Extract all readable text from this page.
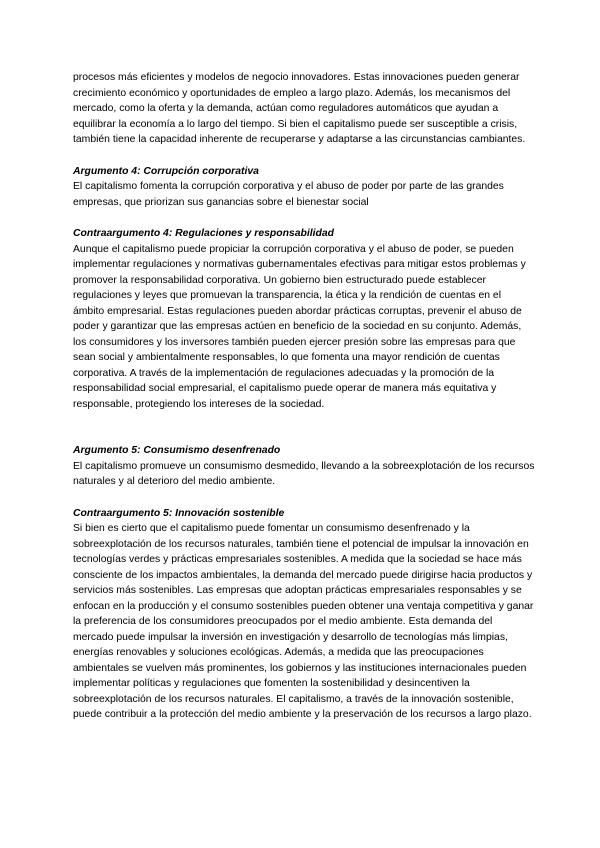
procesos más eficientes y modelos de negocio innovadores. Estas innovaciones pueden generar crecimiento económico y oportunidades de empleo a largo plazo. Además, los mecanismos del mercado, como la oferta y la demanda, actúan como reguladores automáticos que ayudan a equilibrar la economía a lo largo del tiempo. Si bien el capitalismo puede ser susceptible a crisis, también tiene la capacidad inherente de recuperarse y adaptarse a las circunstancias cambiantes.

Argumento 4: Corrupción corporativa

El capitalismo fomenta la corrupción corporativa y el abuso de poder por parte de las grandes empresas, que priorizan sus ganancias sobre el bienestar social

Contraargumento 4: Regulaciones y responsabilidad

Aunque el capitalismo puede propiciar la corrupción corporativa y el abuso de poder, se pueden implementar regulaciones y normativas gubernamentales efectivas para mitigar estos problemas y promover la responsabilidad corporativa. Un gobierno bien estructurado puede establecer regulaciones y leyes que promuevan la transparencia, la ética y la rendición de cuentas en el ámbito empresarial. Estas regulaciones pueden abordar prácticas corruptas, prevenir el abuso de poder y garantizar que las empresas actúen en beneficio de la sociedad en su conjunto. Además, los consumidores y los inversores también pueden ejercer presión sobre las empresas para que sean social y ambientalmente responsables, lo que fomenta una mayor rendición de cuentas corporativa. A través de la implementación de regulaciones adecuadas y la promoción de la responsabilidad social empresarial, el capitalismo puede operar de manera más equitativa y responsable, protegiendo los intereses de la sociedad.

Argumento 5: Consumismo desenfrenado

El capitalismo promueve un consumismo desmedido, llevando a la sobreexplotación de los recursos naturales y al deterioro del medio ambiente.

Contraargumento 5: Innovación sostenible

Si bien es cierto que el capitalismo puede fomentar un consumismo desenfrenado y la sobreexplotación de los recursos naturales, también tiene el potencial de impulsar la innovación en tecnologías verdes y prácticas empresariales sostenibles. A medida que la sociedad se hace más consciente de los impactos ambientales, la demanda del mercado puede dirigirse hacia productos y servicios más sostenibles. Las empresas que adoptan prácticas empresariales responsables y se enfocan en la producción y el consumo sostenibles pueden obtener una ventaja competitiva y ganar la preferencia de los consumidores preocupados por el medio ambiente. Esta demanda del mercado puede impulsar la inversión en investigación y desarrollo de tecnologías más limpias, energías renovables y soluciones ecológicas. Además, a medida que las preocupaciones ambientales se vuelven más prominentes, los gobiernos y las instituciones internacionales pueden implementar políticas y regulaciones que fomenten la sostenibilidad y desincentiven la sobreexplotación de los recursos naturales. El capitalismo, a través de la innovación sostenible, puede contribuir a la protección del medio ambiente y la preservación de los recursos a largo plazo.
